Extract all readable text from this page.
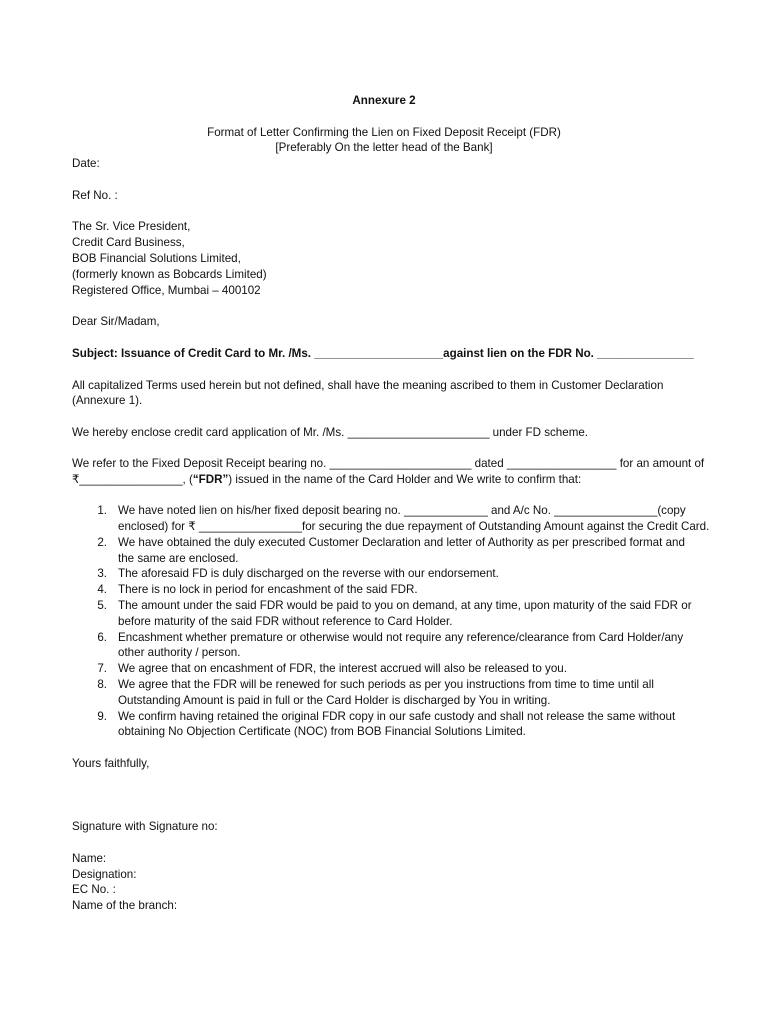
Annexure 2
Format of Letter Confirming the Lien on Fixed Deposit Receipt (FDR)
[Preferably On the letter head of the Bank]
Date:
Ref No. :
The Sr. Vice President,
Credit Card Business,
BOB Financial Solutions Limited,
(formerly known as Bobcards Limited)
Registered Office, Mumbai – 400102
Dear Sir/Madam,
Subject: Issuance of Credit Card to Mr. /Ms. ____________________against lien on the FDR No. _______________
All capitalized Terms used herein but not defined, shall have the meaning ascribed to them in Customer Declaration
(Annexure 1).
We hereby enclose credit card application of Mr. /Ms. ______________________ under FD scheme.
We refer to the Fixed Deposit Receipt bearing no. ______________________ dated _________________ for an amount of
₹________________, (“FDR”) issued in the name of the Card Holder and We write to confirm that:
1. We have noted lien on his/her fixed deposit bearing no. _____________ and A/c No. ________________(copy
enclosed) for ₹ ________________for securing the due repayment of Outstanding Amount against the Credit Card.
2. We have obtained the duly executed Customer Declaration and letter of Authority as per prescribed format and
the same are enclosed.
3. The aforesaid FD is duly discharged on the reverse with our endorsement.
4. There is no lock in period for encashment of the said FDR.
5. The amount under the said FDR would be paid to you on demand, at any time, upon maturity of the said FDR or
before maturity of the said FDR without reference to Card Holder.
6. Encashment whether premature or otherwise would not require any reference/clearance from Card Holder/any
other authority / person.
7. We agree that on encashment of FDR, the interest accrued will also be released to you.
8. We agree that the FDR will be renewed for such periods as per you instructions from time to time until all
Outstanding Amount is paid in full or the Card Holder is discharged by You in writing.
9. We confirm having retained the original FDR copy in our safe custody and shall not release the same without
obtaining No Objection Certificate (NOC) from BOB Financial Solutions Limited.
Yours faithfully,
Signature with Signature no:
Name:
Designation:
EC No. :
Name of the branch:
